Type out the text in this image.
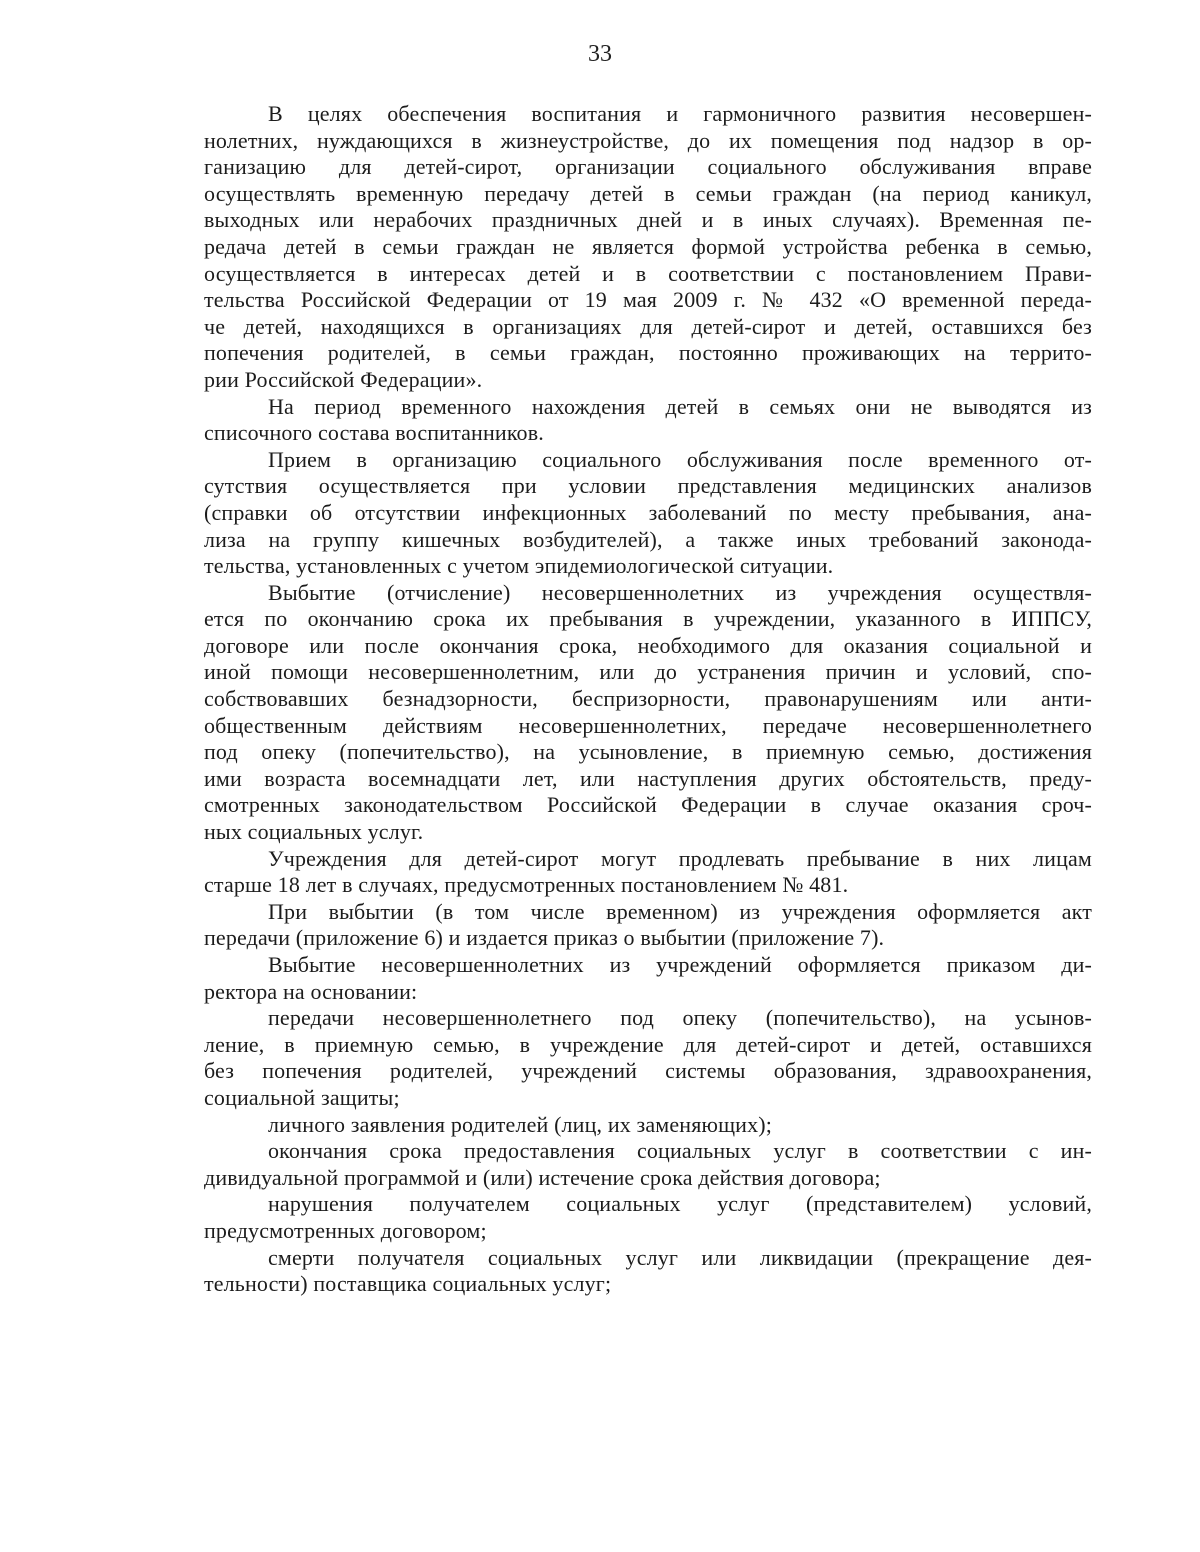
33

В целях обеспечения воспитания и гармоничного развития несовершен-
нолетних, нуждающихся в жизнеустройстве, до их помещения под надзор в ор-
ганизацию для детей-сирот, организации социального обслуживания вправе
осуществлять временную передачу детей в семьи граждан (на период каникул,
выходных или нерабочих праздничных дней и в иных случаях). Временная пе-
редача детей в семьи граждан не является формой устройства ребенка в семью,
осуществляется в интересах детей и в соответствии с постановлением Прави-
тельства Российской Федерации от 19 мая 2009 г. № 432 «О временной переда-
че детей, находящихся в организациях для детей-сирот и детей, оставшихся без
попечения родителей, в семьи граждан, постоянно проживающих на террито-
рии Российской Федерации».

На период временного нахождения детей в семьях они не выводятся из
списочного состава воспитанников.

Прием в организацию социального обслуживания после временного от-
сутствия осуществляется при условии представления медицинских анализов
(справки об отсутствии инфекционных заболеваний по месту пребывания, ана-
лиза на группу кишечных возбудителей), а также иных требований законода-
тельства, установленных с учетом эпидемиологической ситуации.

Выбытие (отчисление) несовершеннолетних из учреждения осуществля-
ется по окончанию срока их пребывания в учреждении, указанного в ИППСУ,
договоре или после окончания срока, необходимого для оказания социальной и
иной помощи несовершеннолетним, или до устранения причин и условий, спо-
собствовавших безнадзорности, беспризорности, правонарушениям или анти-
общественным действиям несовершеннолетних, передаче несовершеннолетнего
под опеку (попечительство), на усыновление, в приемную семью, достижения
ими возраста восемнадцати лет, или наступления других обстоятельств, преду-
смотренных законодательством Российской Федерации в случае оказания сроч-
ных социальных услуг.

Учреждения для детей-сирот могут продлевать пребывание в них лицам
старше 18 лет в случаях, предусмотренных постановлением № 481.

При выбытии (в том числе временном) из учреждения оформляется акт
передачи (приложение 6) и издается приказ о выбытии (приложение 7).

Выбытие несовершеннолетних из учреждений оформляется приказом ди-
ректора на основании:

передачи несовершеннолетнего под опеку (попечительство), на усынов-
ление, в приемную семью, в учреждение для детей-сирот и детей, оставшихся
без попечения родителей, учреждений системы образования, здравоохранения,
социальной защиты;

личного заявления родителей (лиц, их заменяющих);

окончания срока предоставления социальных услуг в соответствии с ин-
дивидуальной программой и (или) истечение срока действия договора;

нарушения получателем социальных услуг (представителем) условий,
предусмотренных договором;

смерти получателя социальных услуг или ликвидации (прекращение дея-
тельности) поставщика социальных услуг;
